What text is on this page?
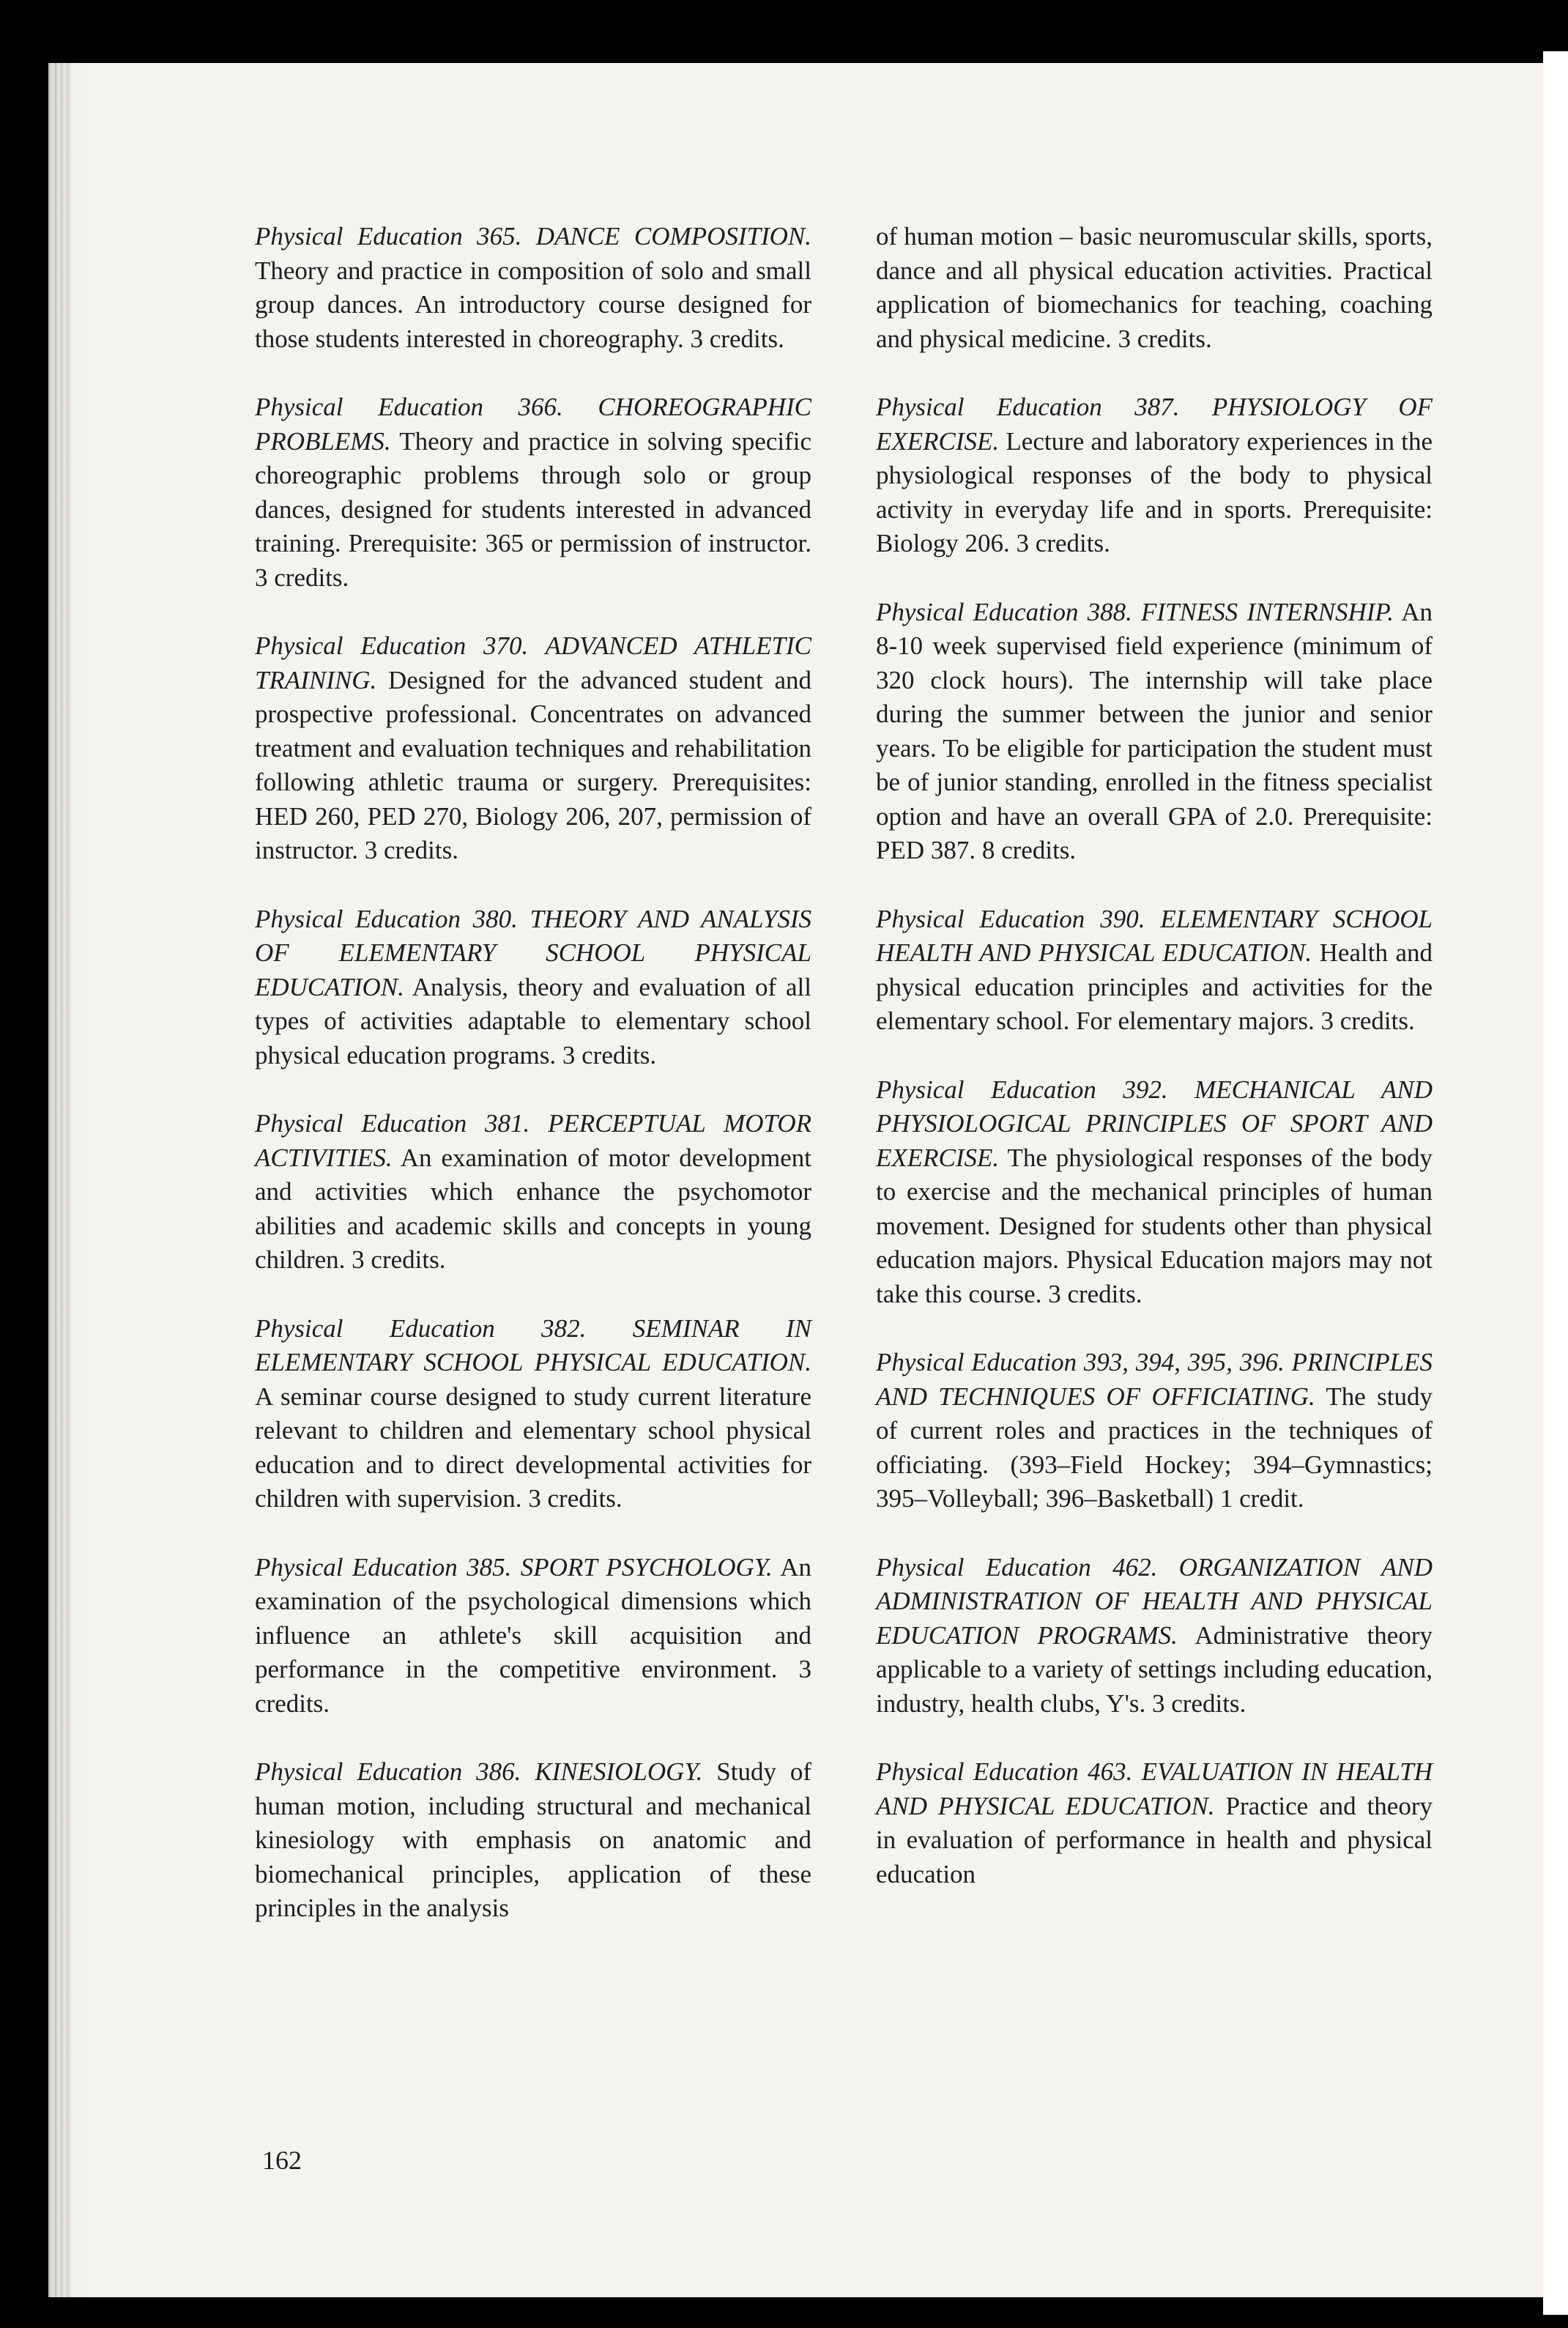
Physical Education 365. DANCE COMPOSITION. Theory and practice in composition of solo and small group dances. An introductory course designed for those students interested in choreography. 3 credits.

Physical Education 366. CHOREOGRAPHIC PROBLEMS. Theory and practice in solving specific choreographic problems through solo or group dances, designed for students interested in advanced training. Prerequisite: 365 or permission of instructor. 3 credits.

Physical Education 370. ADVANCED ATHLETIC TRAINING. Designed for the advanced student and prospective professional. Concentrates on advanced treatment and evaluation techniques and rehabilitation following athletic trauma or surgery. Prerequisites: HED 260, PED 270, Biology 206, 207, permission of instructor. 3 credits.

Physical Education 380. THEORY AND ANALYSIS OF ELEMENTARY SCHOOL PHYSICAL EDUCATION. Analysis, theory and evaluation of all types of activities adaptable to elementary school physical education programs. 3 credits.

Physical Education 381. PERCEPTUAL MOTOR ACTIVITIES. An examination of motor development and activities which enhance the psychomotor abilities and academic skills and concepts in young children. 3 credits.

Physical Education 382. SEMINAR IN ELEMENTARY SCHOOL PHYSICAL EDUCATION. A seminar course designed to study current literature relevant to children and elementary school physical education and to direct developmental activities for children with supervision. 3 credits.

Physical Education 385. SPORT PSYCHOLOGY. An examination of the psychological dimensions which influence an athlete's skill acquisition and performance in the competitive environment. 3 credits.

Physical Education 386. KINESIOLOGY. Study of human motion, including structural and mechanical kinesiology with emphasis on anatomic and biomechanical principles, application of these principles in the analysis

of human motion – basic neuromuscular skills, sports, dance and all physical education activities. Practical application of biomechanics for teaching, coaching and physical medicine. 3 credits.

Physical Education 387. PHYSIOLOGY OF EXERCISE. Lecture and laboratory experiences in the physiological responses of the body to physical activity in everyday life and in sports. Prerequisite: Biology 206. 3 credits.

Physical Education 388. FITNESS INTERNSHIP. An 8-10 week supervised field experience (minimum of 320 clock hours). The internship will take place during the summer between the junior and senior years. To be eligible for participation the student must be of junior standing, enrolled in the fitness specialist option and have an overall GPA of 2.0. Prerequisite: PED 387. 8 credits.

Physical Education 390. ELEMENTARY SCHOOL HEALTH AND PHYSICAL EDUCATION. Health and physical education principles and activities for the elementary school. For elementary majors. 3 credits.

Physical Education 392. MECHANICAL AND PHYSIOLOGICAL PRINCIPLES OF SPORT AND EXERCISE. The physiological responses of the body to exercise and the mechanical principles of human movement. Designed for students other than physical education majors. Physical Education majors may not take this course. 3 credits.

Physical Education 393, 394, 395, 396. PRINCIPLES AND TECHNIQUES OF OFFICIATING. The study of current roles and practices in the techniques of officiating. (393–Field Hockey; 394–Gymnastics; 395–Volleyball; 396–Basketball) 1 credit.

Physical Education 462. ORGANIZATION AND ADMINISTRATION OF HEALTH AND PHYSICAL EDUCATION PROGRAMS. Administrative theory applicable to a variety of settings including education, industry, health clubs, Y's. 3 credits.

Physical Education 463. EVALUATION IN HEALTH AND PHYSICAL EDUCATION. Practice and theory in evaluation of performance in health and physical education

162
